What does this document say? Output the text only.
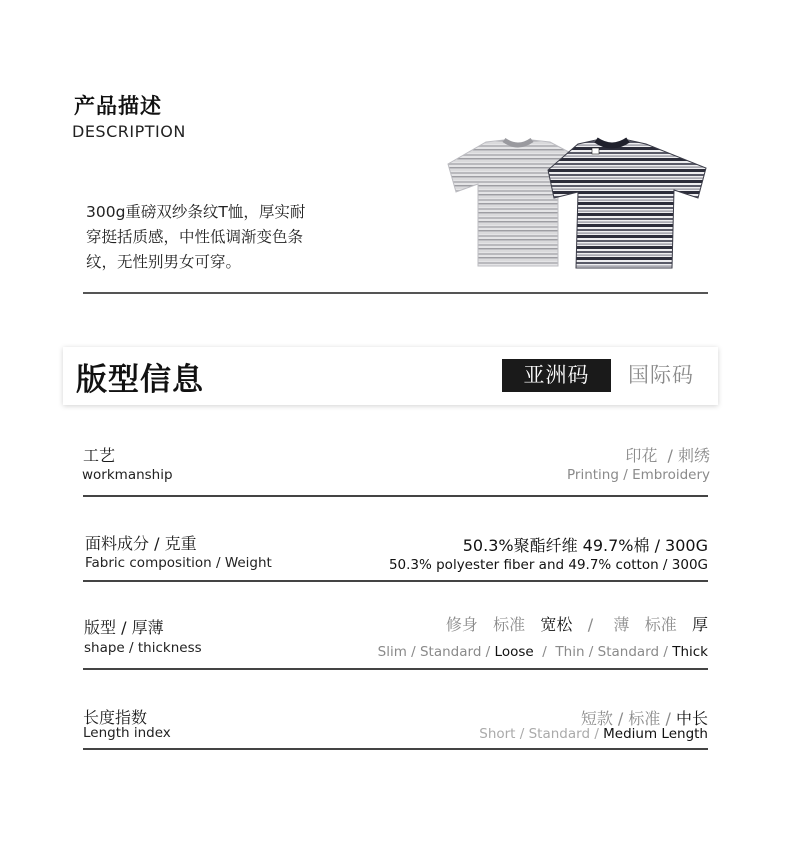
产品描述
DESCRIPTION
300g重磅双纱条纹T恤，厚实耐
穿挺括质感，中性低调渐变色条
纹，无性别男女可穿。
版型信息	亚洲码	国际码
工艺
workmanship
印花  / 刺绣
Printing / Embroidery
面料成分 / 克重
Fabric composition / Weight
50.3%聚酯纤维 49.7%棉 / 300G
50.3% polyester fiber and 49.7% cotton / 300G
版型 / 厚薄
shape / thickness
修身 标准 宽松 / 薄 标准 厚
Slim / Standard / Loose  /  Thin / Standard / Thick
长度指数
Length index
短款 / 标准 / 中长
Short / Standard / Medium Length
